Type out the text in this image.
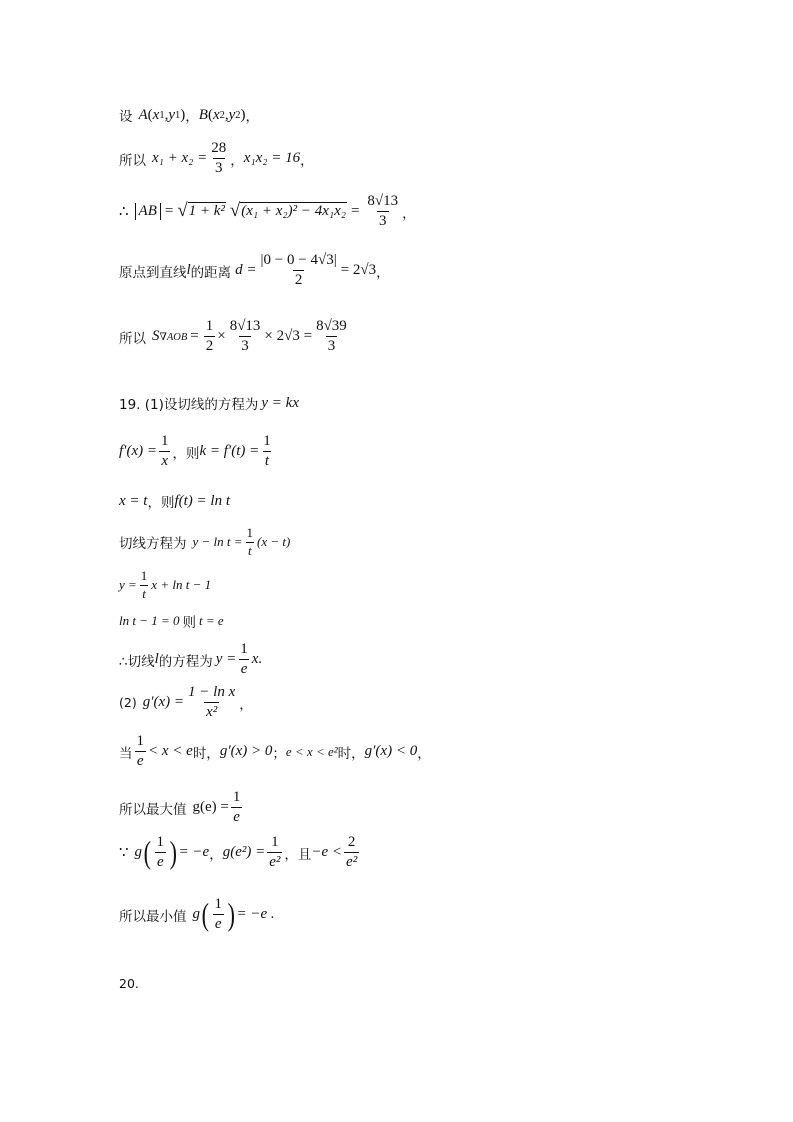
设 A ( x 1 , y 1 ) ， B ( x 2 , y 2 ) ，
所以 $x_1 + x_2 = \frac{28}{3}$ ， x₁x₂ = 16 ，
∴ AB = √ 1 + k² √ $(x_1 + x_2)^2 - 4x_1x_2 = \frac{8√13}{3}$ ，
原点到直线 l 的距离 $d = \frac{|0 - 0 - 4√3|}{2} = 2√3$ ，
所以 S $\nabla AOB = \frac{1}{2} \times \frac{8√13}{3} \times 2√3 = \frac{8√39}{3}$
19. (1)设切线的方程为 y = kx
$f'(x) = \frac{1}{x}$ ，则 $k = f'(t) = \frac{1}{t}$
x = t ，则 f(t) = ln t
切线方程为 $y - \ln t = \frac{1}{t} (x - t)$
$y = \frac{1}{t}$ x + ln t − 1
ln t − 1 = 0 则 t = e
∴切线 l 的方程为 $y = \frac{1}{e} x$.
(2) $g'(x) = \frac{\text{1 − ln x}}{\text{x²}}$ ，
当 $\frac{1}{e} < x < e$ 时， g′(x) > 0 ； e < x < e² 时， g′(x) < 0 ，
所以最大值 $g(e) = \frac{1}{e}$
∵ g ( $\frac{1}{e}$ ) = −e ， $g(e^2) = \frac{1}{\text{e²}}$ ，且 $-e < \frac{2}{\text{e²}}$
所以最小值 g ( $\frac{1}{e}$ ) = −e .
20.
